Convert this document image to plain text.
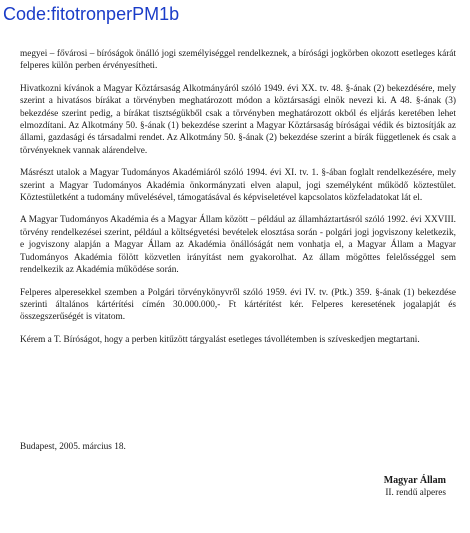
Code:fitotronperPM1b

megyei – fővárosi – bíróságok önálló jogi személyiséggel rendelkeznek, a bírósági jogkörben okozott esetleges kárát felperes külön perben érvényesítheti.

Hivatkozni kívánok a Magyar Köztársaság Alkotmányáról szóló 1949. évi XX. tv. 48. §-ának (2) bekezdésére, mely szerint a hivatásos bírákat a törvényben meghatározott módon a köztársasági elnök nevezi ki. A 48. §-ának (3) bekezdése szerint pedig, a bírákat tisztségükből csak a törvényben meghatározott okból és eljárás keretében lehet elmozdítani. Az Alkotmány 50. §-ának (1) bekezdése szerint a Magyar Köztársaság bíróságai védik és biztosítják az állami, gazdasági és társadalmi rendet. Az Alkotmány 50. §-ának (2) bekezdése szerint a bírák függetlenek és csak a törvényeknek vannak alárendelve.

Másrészt utalok a Magyar Tudományos Akadémiáról szóló 1994. évi XI. tv. 1. §-ában foglalt rendelkezésére, mely szerint a Magyar Tudományos Akadémia önkormányzati elven alapul, jogi személyként működő köztestület. Köztestületként a tudomány művelésével, támogatásával és képviseletével kapcsolatos közfeladatokat lát el.

A Magyar Tudományos Akadémia és a Magyar Állam között – például az államháztartásról szóló 1992. évi XXVIII. törvény rendelkezései szerint, például a költségvetési bevételek elosztása során - polgári jogi jogviszony keletkezik, e jogviszony alapján a Magyar Állam az Akadémia önállóságát nem vonhatja el, a Magyar Állam a Magyar Tudományos Akadémia fölött közvetlen irányítást nem gyakorolhat. Az állam mögöttes felelősséggel sem rendelkezik az Akadémia működése során.

Felperes alperesekkel szemben a Polgári törvénykönyvről szóló 1959. évi IV. tv. (Ptk.) 359. §-ának (1) bekezdése szerinti általános kártérítési címén 30.000.000,- Ft kártérítést kér. Felperes kereset​ének jogalapját és összegszerűségét is vitatom.

Kérem a T. Bíróságot, hogy a perben kitűzött tárgyalást esetleges távollétemben is szíveskedjen megtartani.

Budapest, 2005. március 18.
Magyar Állam
II. rendű alperes
